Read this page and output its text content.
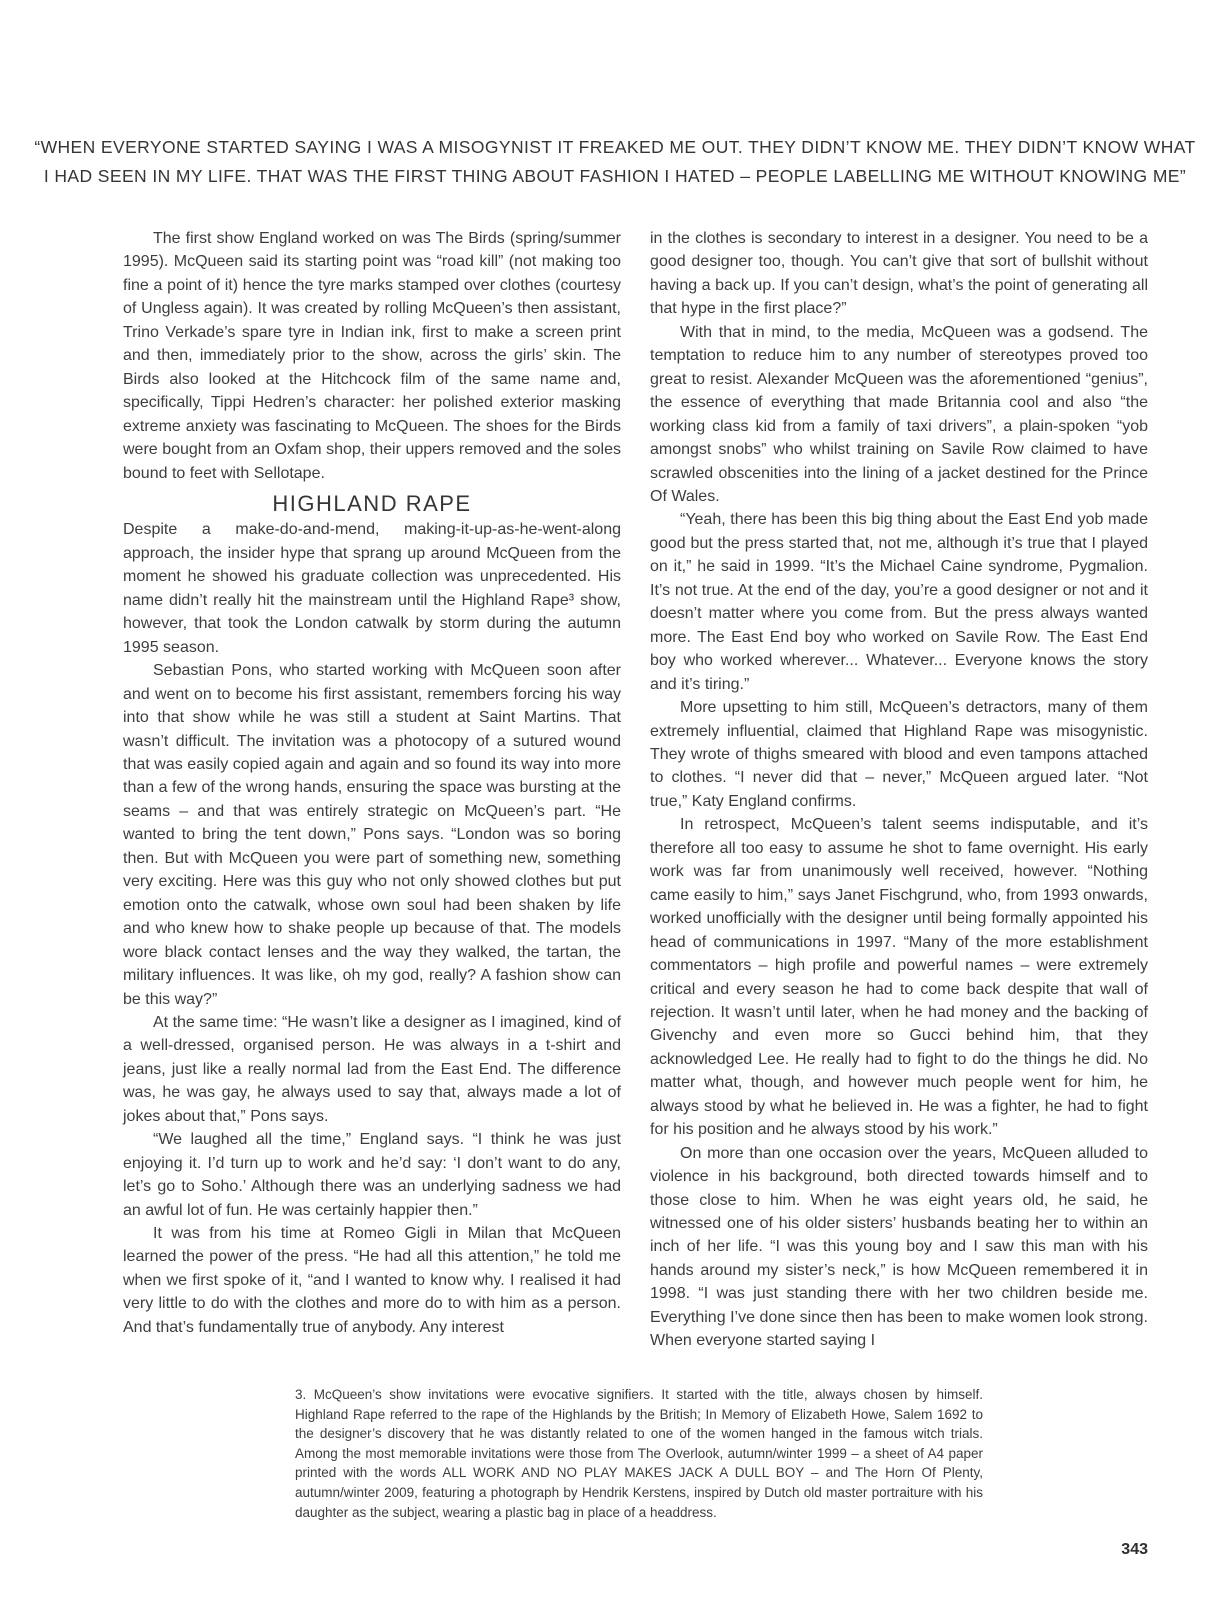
“WHEN EVERYONE STARTED SAYING I WAS A MISOGYNIST IT FREAKED ME OUT. THEY DIDN’T KNOW ME. THEY DIDN’T KNOW WHAT
I HAD SEEN IN MY LIFE. THAT WAS THE FIRST THING ABOUT FASHION I HATED – PEOPLE LABELLING ME WITHOUT KNOWING ME”

The first show England worked on was The Birds (spring/summer 1995). McQueen said its starting point was “road kill” (not making too fine a point of it) hence the tyre marks stamped over clothes (courtesy of Ungless again). It was created by rolling McQueen’s then assistant, Trino Verkade’s spare tyre in Indian ink, first to make a screen print and then, immediately prior to the show, across the girls’ skin. The Birds also looked at the Hitchcock film of the same name and, specifically, Tippi Hedren’s character: her polished exterior masking extreme anxiety was fascinating to McQueen. The shoes for the Birds were bought from an Oxfam shop, their uppers removed and the soles bound to feet with Sellotape.

HIGHLAND RAPE

Despite a make-do-and-mend, making-it-up-as-he-went-along approach, the insider hype that sprang up around McQueen from the moment he showed his graduate collection was unprecedented. His name didn’t really hit the mainstream until the Highland Rape³ show, however, that took the London catwalk by storm during the autumn 1995 season.

Sebastian Pons, who started working with McQueen soon after and went on to become his first assistant, remembers forcing his way into that show while he was still a student at Saint Martins. That wasn’t difficult. The invitation was a photocopy of a sutured wound that was easily copied again and again and so found its way into more than a few of the wrong hands, ensuring the space was bursting at the seams – and that was entirely strategic on McQueen’s part. “He wanted to bring the tent down,” Pons says. “London was so boring then. But with McQueen you were part of something new, something very exciting. Here was this guy who not only showed clothes but put emotion onto the catwalk, whose own soul had been shaken by life and who knew how to shake people up because of that. The models wore black contact lenses and the way they walked, the tartan, the military influences. It was like, oh my god, really? A fashion show can be this way?”

At the same time: “He wasn’t like a designer as I imagined, kind of a well-dressed, organised person. He was always in a t-shirt and jeans, just like a really normal lad from the East End. The difference was, he was gay, he always used to say that, always made a lot of jokes about that,” Pons says.

“We laughed all the time,” England says. “I think he was just enjoying it. I’d turn up to work and he’d say: ‘I don’t want to do any, let’s go to Soho.’ Although there was an underlying sadness we had an awful lot of fun. He was certainly happier then.”

It was from his time at Romeo Gigli in Milan that McQueen learned the power of the press. “He had all this attention,” he told me when we first spoke of it, “and I wanted to know why. I realised it had very little to do with the clothes and more do to with him as a person. And that’s fundamentally true of anybody. Any interest

in the clothes is secondary to interest in a designer. You need to be a good designer too, though. You can’t give that sort of bullshit without having a back up. If you can’t design, what’s the point of generating all that hype in the first place?”

With that in mind, to the media, McQueen was a godsend. The temptation to reduce him to any number of stereotypes proved too great to resist. Alexander McQueen was the aforementioned “genius”, the essence of everything that made Britannia cool and also “the working class kid from a family of taxi drivers”, a plain-spoken “yob amongst snobs” who whilst training on Savile Row claimed to have scrawled obscenities into the lining of a jacket destined for the Prince Of Wales.

“Yeah, there has been this big thing about the East End yob made good but the press started that, not me, although it’s true that I played on it,” he said in 1999. “It’s the Michael Caine syndrome, Pygmalion. It’s not true. At the end of the day, you’re a good designer or not and it doesn’t matter where you come from. But the press always wanted more. The East End boy who worked on Savile Row. The East End boy who worked wherever... Whatever... Everyone knows the story and it’s tiring.”

More upsetting to him still, McQueen’s detractors, many of them extremely influential, claimed that Highland Rape was misogynistic. They wrote of thighs smeared with blood and even tampons attached to clothes. “I never did that – never,” McQueen argued later. “Not true,” Katy England confirms.

In retrospect, McQueen’s talent seems indisputable, and it’s therefore all too easy to assume he shot to fame overnight. His early work was far from unanimously well received, however. “Nothing came easily to him,” says Janet Fischgrund, who, from 1993 onwards, worked unofficially with the designer until being formally appointed his head of communications in 1997. “Many of the more establishment commentators – high profile and powerful names – were extremely critical and every season he had to come back despite that wall of rejection. It wasn’t until later, when he had money and the backing of Givenchy and even more so Gucci behind him, that they acknowledged Lee. He really had to fight to do the things he did. No matter what, though, and however much people went for him, he always stood by what he believed in. He was a fighter, he had to fight for his position and he always stood by his work.”

On more than one occasion over the years, McQueen alluded to violence in his background, both directed towards himself and to those close to him. When he was eight years old, he said, he witnessed one of his older sisters’ husbands beating her to within an inch of her life. “I was this young boy and I saw this man with his hands around my sister’s neck,” is how McQueen remembered it in 1998. “I was just standing there with her two children beside me. Everything I’ve done since then has been to make women look strong. When everyone started saying I

3. McQueen’s show invitations were evocative signifiers. It started with the title, always chosen by himself. Highland Rape referred to the rape of the Highlands by the British; In Memory of Elizabeth Howe, Salem 1692 to the designer’s discovery that he was distantly related to one of the women hanged in the famous witch trials. Among the most memorable invitations were those from The Overlook, autumn/winter 1999 – a sheet of A4 paper printed with the words ALL WORK AND NO PLAY MAKES JACK A DULL BOY – and The Horn Of Plenty, autumn/winter 2009, featuring a photograph by Hendrik Kerstens, inspired by Dutch old master portraiture with his daughter as the subject, wearing a plastic bag in place of a headdress.
343
